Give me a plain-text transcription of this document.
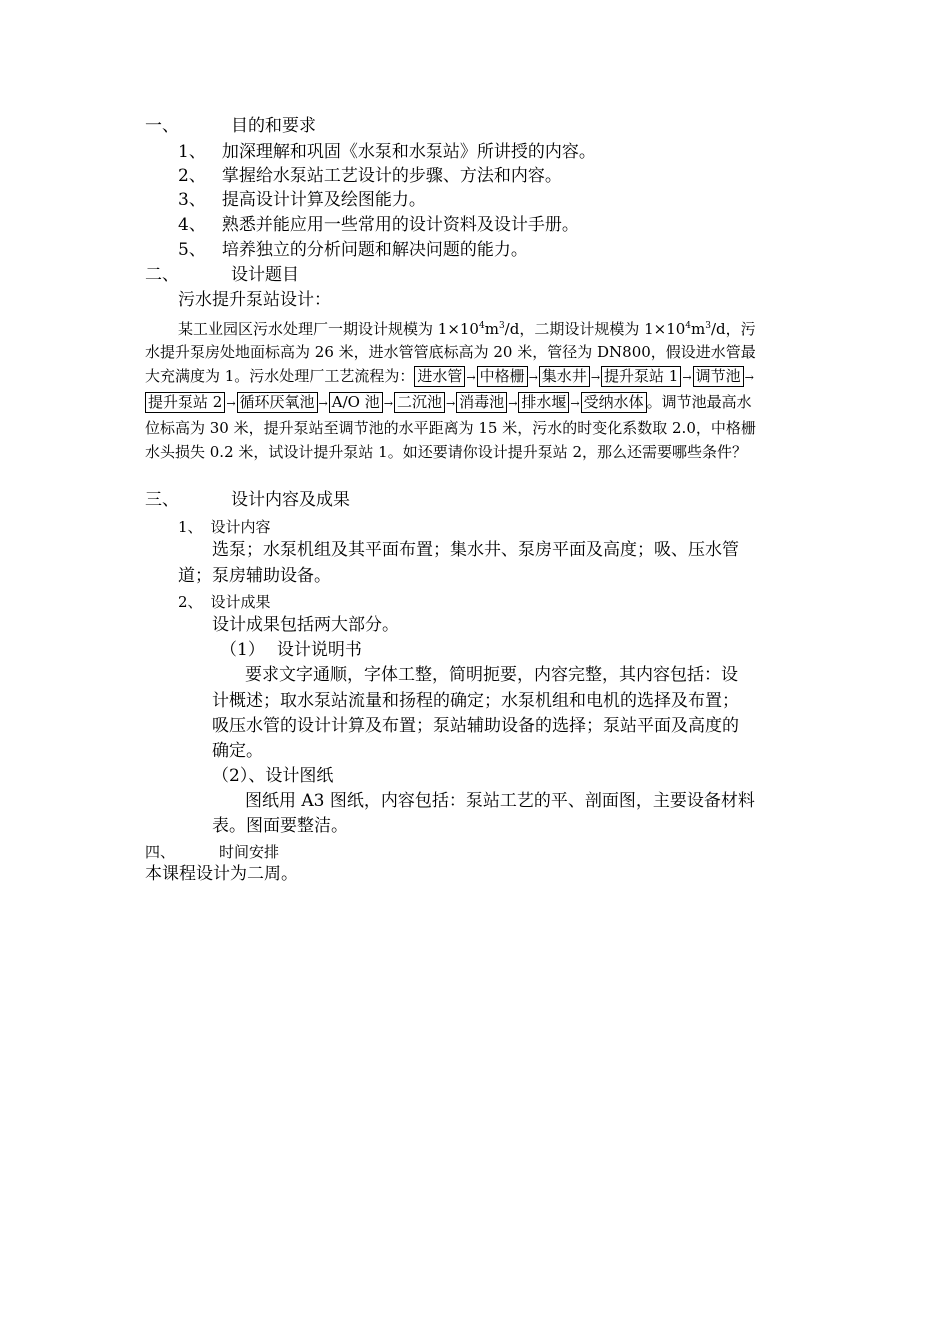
一、	目的和要求
1、 加深理解和巩固《水泵和水泵站》所讲授的内容。
2、 掌握给水泵站工艺设计的步骤、方法和内容。
3、 提高设计计算及绘图能力。
4、 熟悉并能应用一些常用的设计资料及设计手册。
5、 培养独立的分析问题和解决问题的能力。
二、	设计题目
污水提升泵站设计：
某工业园区污水处理厂一期设计规模为 $1\times 10^4m^3/d$，二期设计规模为 $1\times 10^4m^3/d$，污
水提升泵房处地面标高为 26 米，进水管管底标高为 20 米，管径为 DN800，假设进水管最
大充满度为 1。污水处理厂工艺流程为： 进水管 → 中格栅 → 集水井 → 提升泵站 1 → 调节池 →
提升泵站 2 → 循环厌氧池 → A/O 池 → 二沉池 → 消毒池 → 排水堰 → 受纳水体 。调节池最高水
位标高为 30 米，提升泵站至调节池的水平距离为 15 米，污水的时变化系数取 2.0，中格栅
水头损失 0.2 米，试设计提升泵站 1。如还要请你设计提升泵站 2，那么还需要哪些条件？
三、	设计内容及成果
1、 设计内容
选泵；水泵机组及其平面布置；集水井、泵房平面及高度；吸、压水管
道；泵房辅助设备。
2、 设计成果
设计成果包括两大部分。
（1） 设计说明书
要求文字通顺，字体工整，简明扼要，内容完整，其内容包括：设
计概述；取水泵站流量和扬程的确定；水泵机组和电机的选择及布置；
吸压水管的设计计算及布置；泵站辅助设备的选择；泵站平面及高度的
确定。
（2）、设计图纸
图纸用 A3 图纸，内容包括：泵站工艺的平、剖面图，主要设备材料
表。图面要整洁。
四、	时间安排
本课程设计为二周。
